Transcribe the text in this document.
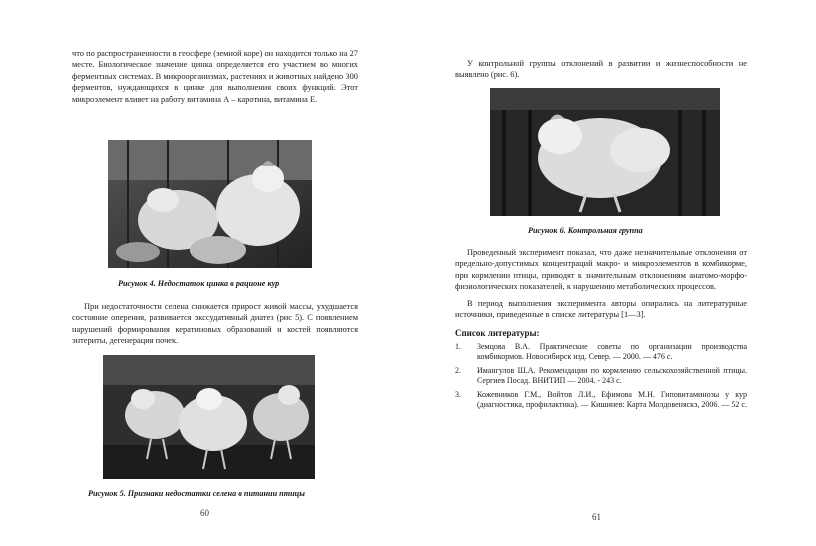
что по распространенности в геосфере (земной коре) он находится только на 27 месте. Биологическое значение цинка определяется его участием во многих ферментных системах. В микроорганизмах, растениях и животных найдено 300 ферментов, нуждающихся в цинке для выполнения своих функций. Этот микроэлемент влияет на работу витамина А – каротина, витамина Е.

Рисунок 4. Недостаток цинка в рационе кур

При недостаточности селена снижается прирост живой массы, ухудшается состояние оперения, развивается экссудативный диатез (рис 5). С появлением нарушений формирования кератиновых образований и костей появляются энтериты, дегенерация почек.

Рисунок 5. Признаки недостатки селена в питании птицы
60

У контрольной группы отклонений в развитии и жизнеспособности не выявлено (рис. 6).

Рисунок 6. Контрольная группа

Проведенный эксперимент показал, что даже незначительные отклонения от предельно-допустимых концентраций макро- и микроэлементов в комбикорме, при кормлении птицы, приводят к значительным отклонениям анатомо-морфо-физиологических показателей, к нарушению метаболических процессов.

В период выполнения эксперимента авторы опирались на литературные источники, приведенные в списке литературы [1—3].

Список литературы:
1. Земцова В.А. Практические советы по организации производства комбикормов. Новосибирск изд. Север. — 2000. — 476 с.
2. Имангулов Ш.А. Рекомендации по кормлению сельскохозяйственной птицы. Сергиев Посад. ВНИТИП — 2004. - 243 с.
3. Кожевников Г.М., Войтов Л.И., Ефимова М.Н. Гиповитаминозы у кур (диагностика, профилактика). — Кишинев: Карта Молдовеняскэ, 2006. — 52 с.
61
